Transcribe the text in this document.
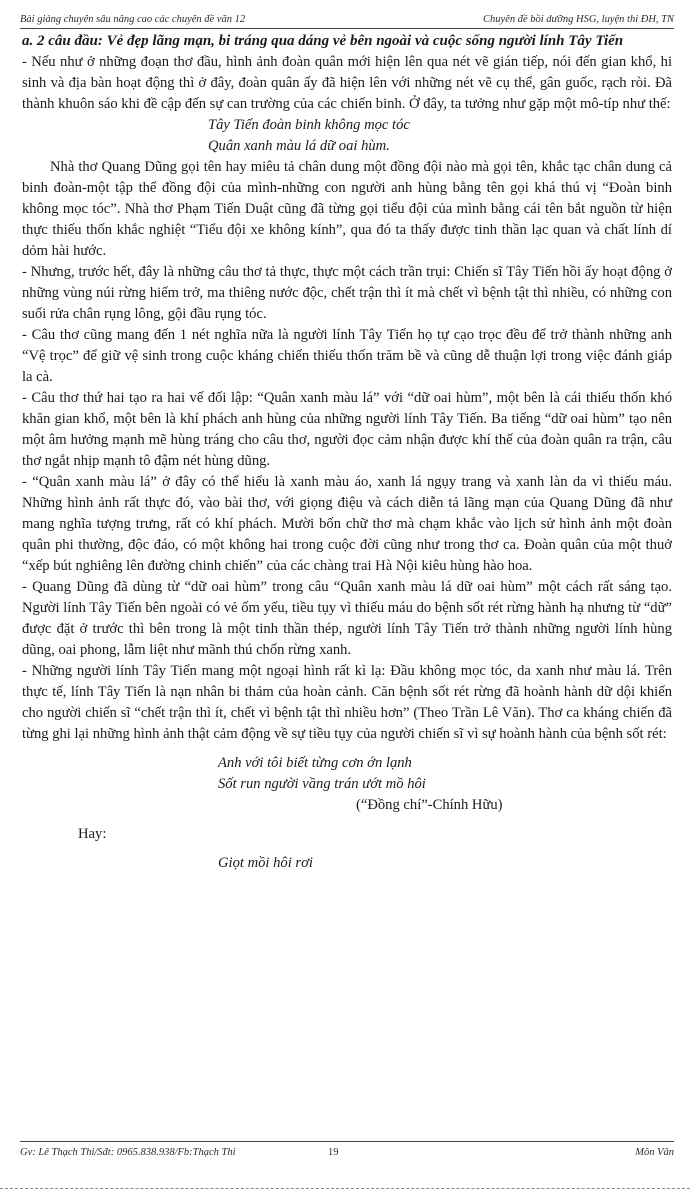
Bài giảng chuyên sâu nâng cao các chuyên đề văn 12	Chuyên đề bồi dưỡng HSG, luyện thi ĐH, TN

a. 2 câu đầu: Vẻ đẹp lãng mạn, bi tráng qua dáng vẻ bên ngoài và cuộc sống người lính Tây Tiến

- Nếu như ở những đoạn thơ đầu, hình ảnh đoàn quân mới hiện lên qua nét vẽ gián tiếp, nói đến gian khổ, hi sinh và địa bàn hoạt động thì ở đây, đoàn quân ấy đã hiện lên với những nét vẽ cụ thể, gân guốc, rạch ròi. Đã thành khuôn sáo khi đề cập đến sự can trường của các chiến binh. Ở đây, ta tưởng như gặp một mô-típ như thế:

Tây Tiến đoàn binh không mọc tóc

Quân xanh màu lá dữ oai hùm.

Nhà thơ Quang Dũng gọi tên hay miêu tả chân dung một đồng đội nào mà gọi tên, khắc tạc chân dung cả binh đoàn-một tập thể đồng đội của mình-những con người anh hùng bằng tên gọi khá thú vị “Đoàn binh không mọc tóc”. Nhà thơ Phạm Tiến Duật cũng đã từng gọi tiểu đội của mình bằng cái tên bắt nguồn từ hiện thực thiếu thốn khắc nghiệt “Tiểu đội xe không kính”, qua đó ta thấy được tinh thần lạc quan và chất lính dí dỏm hài hước.

- Nhưng, trước hết, đây là những câu thơ tả thực, thực một cách trần trụi: Chiến sĩ Tây Tiến hồi ấy hoạt động ở những vùng núi rừng hiểm trở, ma thiêng nước độc, chết trận thì ít mà chết vì bệnh tật thì nhiều, có những con suối rửa chân rụng lông, gội đầu rụng tóc.

- Câu thơ cũng mang đến 1 nét nghĩa nữa là người lính Tây Tiến họ tự cạo trọc đều để trở thành những anh “Vệ trọc” để giữ vệ sinh trong cuộc kháng chiến thiếu thốn trăm bề và cũng dễ thuận lợi trong việc đánh giáp la cà.

- Câu thơ thứ hai tạo ra hai vế đối lập: “Quân xanh màu lá” với “dữ oai hùm”, một bên là cái thiếu thốn khó khăn gian khổ, một bên là khí phách anh hùng của những người lính Tây Tiến. Ba tiếng “dữ oai hùm” tạo nên một âm hưởng mạnh mẽ hùng tráng cho câu thơ, người đọc cảm nhận được khí thế của đoàn quân ra trận, câu thơ ngắt nhịp mạnh tô đậm nét hùng dũng.

- “Quân xanh màu lá” ở đây có thể hiểu là xanh màu áo, xanh lá ngụy trang và xanh làn da vì thiếu máu. Những hình ảnh rất thực đó, vào bài thơ, với giọng điệu và cách diễn tả lãng mạn của Quang Dũng đã như mang nghĩa tượng trưng, rất có khí phách. Mười bốn chữ thơ mà chạm khắc vào lịch sử hình ảnh một đoàn quân phi thường, độc đáo, có một không hai trong cuộc đời cũng như trong thơ ca. Đoàn quân của một thuở “xếp bút nghiêng lên đường chinh chiến” của các chàng trai Hà Nội kiêu hùng hào hoa.

- Quang Dũng đã dùng từ “dữ oai hùm” trong câu “Quân xanh màu lá dữ oai hùm” một cách rất sáng tạo. Người lính Tây Tiến bên ngoài có vẻ ốm yếu, tiều tụy vì thiếu máu do bệnh sốt rét rừng hành hạ nhưng từ “dữ” được đặt ở trước thì bên trong là một tinh thần thép, người lính Tây Tiến trở thành những người lính hùng dũng, oai phong, lẫm liệt như mãnh thú chốn rừng xanh.

- Những người lính Tây Tiến mang một ngoại hình rất kì lạ: Đầu không mọc tóc, da xanh như màu lá. Trên thực tế, lính Tây Tiến là nạn nhân bi thảm của hoàn cảnh. Căn bệnh sốt rét rừng đã hoành hành dữ dội khiến cho người chiến sĩ “chết trận thì ít, chết vì bệnh tật thì nhiều hơn” (Theo Trần Lê Văn). Thơ ca kháng chiến đã từng ghi lại những hình ảnh thật cảm động về sự tiều tụy của người chiến sĩ vì sự hoành hành của bệnh sốt rét:

Anh với tôi biết từng cơn ớn lạnh

Sốt run người vầng trán ướt mồ hôi

(“Đồng chí”-Chính Hữu)

Hay:

Giọt mồi hôi rơi

Gv: Lê Thạch Thi/Sđt: 0965.838.938/Fb:Thạch Thi	19	Môn Văn
